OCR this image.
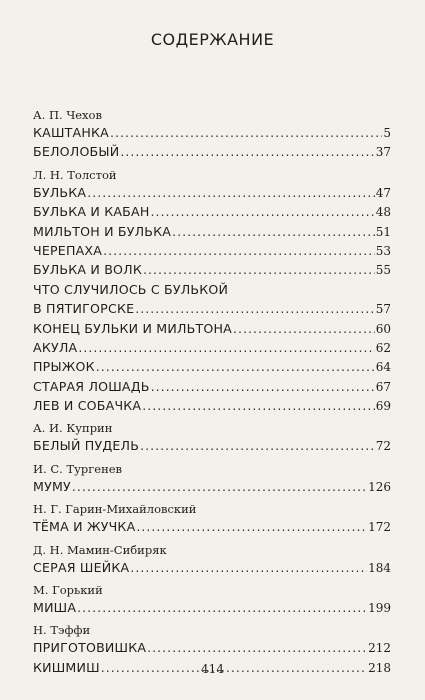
СОДЕРЖАНИЕ
А. П. Чехов
КАШТАНКА .....	5
БЕЛОЛОБЫЙ .....	37
Л. Н. Толстой
БУЛЬКА .....	47
БУЛЬКА И КАБАН .....	48
МИЛЬТОН И БУЛЬКА .....	51
ЧЕРЕПАХА .....	53
БУЛЬКА И ВОЛК .....	55
ЧТО СЛУЧИЛОСЬ С БУЛЬКОЙ
В ПЯТИГОРСКЕ .....	57
КОНЕЦ БУЛЬКИ И МИЛЬТОНА .....	60
АКУЛА .....	62
ПРЫЖОК .....	64
СТАРАЯ ЛОШАДЬ .....	67
ЛЕВ И СОБАЧКА .....	69
А. И. Куприн
БЕЛЫЙ ПУДЕЛЬ .....	72
И. С. Тургенев
МУМУ .....	126
Н. Г. Гарин-Михайловский
ТЁМА И ЖУЧКА .....	172
Д. Н. Мамин-Сибиряк
СЕРАЯ ШЕЙКА .....	184
М. Горький
МИША .....	199
Н. Тэффи
ПРИГОТОВИШКА .....	212
КИШМИШ .....	218
414
